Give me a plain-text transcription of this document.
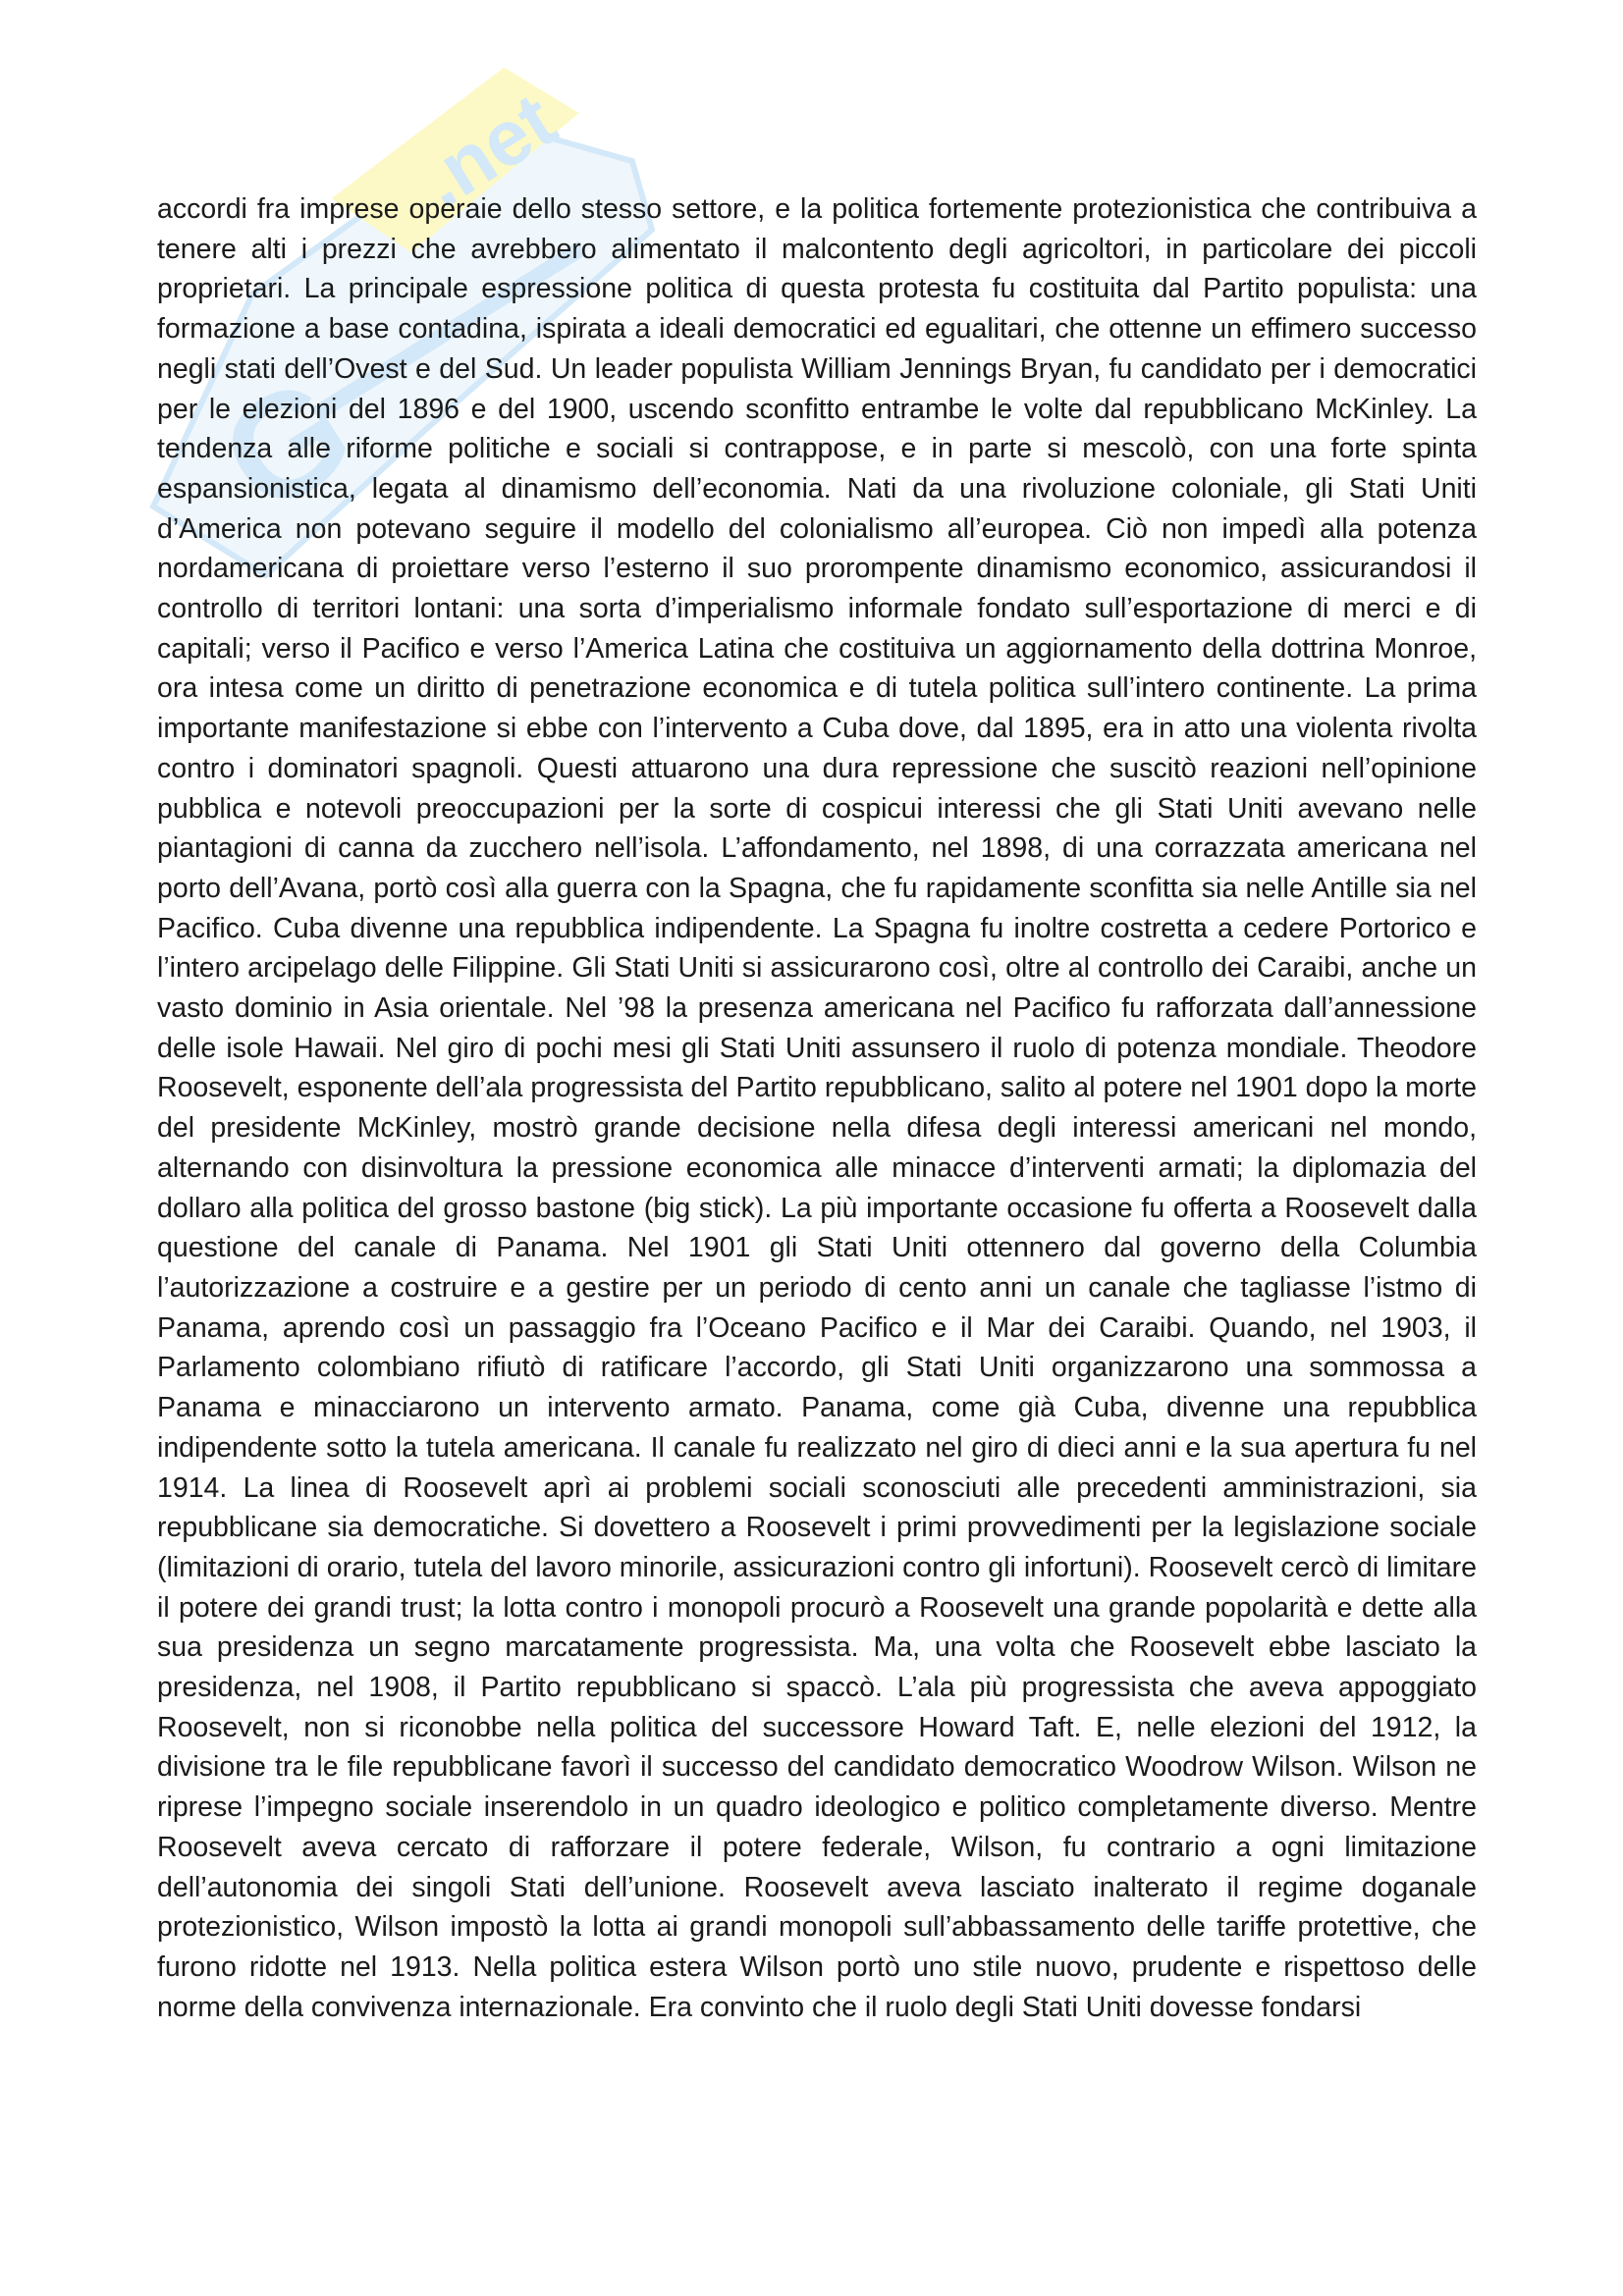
.net
G

accordi fra imprese operaie dello stesso settore, e la politica fortemente protezionistica che contribuiva a tenere alti i prezzi che avrebbero alimentato il malcontento degli agricoltori, in particolare dei piccoli proprietari. La principale espressione politica di questa protesta fu costituita dal Partito populista: una formazione a base contadina, ispirata a ideali democratici ed egualitari, che ottenne un effimero successo negli stati dell’Ovest e del Sud. Un leader populista William Jennings Bryan, fu candidato per i democratici per le elezioni del 1896 e del 1900, uscendo sconfitto entrambe le volte dal repubblicano McKinley. La tendenza alle riforme politiche e sociali si contrappose, e in parte si mescolò, con una forte spinta espansionistica, legata al dinamismo dell’economia. Nati da una rivoluzione coloniale, gli Stati Uniti d’America non potevano seguire il modello del colonialismo all’europea. Ciò non impedì alla potenza nordamericana di proiettare verso l’esterno il suo prorompente dinamismo economico, assicurandosi il controllo di territori lontani: una sorta d’imperialismo informale fondato sull’esportazione di merci e di capitali; verso il Pacifico e verso l’America Latina che costituiva un aggiornamento della dottrina Monroe, ora intesa come un diritto di penetrazione economica e di tutela politica sull’intero continente. La prima importante manifestazione si ebbe con l’intervento a Cuba dove, dal 1895, era in atto una violenta rivolta contro i dominatori spagnoli. Questi attuarono una dura repressione che suscitò reazioni nell’opinione pubblica e notevoli preoccupazioni per la sorte di cospicui interessi che gli Stati Uniti avevano nelle piantagioni di canna da zucchero nell’isola. L’affondamento, nel 1898, di una corrazzata americana nel porto dell’Avana, portò così alla guerra con la Spagna, che fu rapidamente sconfitta sia nelle Antille sia nel Pacifico. Cuba divenne una repubblica indipendente. La Spagna fu inoltre costretta a cedere Portorico e l’intero arcipelago delle Filippine. Gli Stati Uniti si assicurarono così, oltre al controllo dei Caraibi, anche un vasto dominio in Asia orientale. Nel ’98 la presenza americana nel Pacifico fu rafforzata dall’annessione delle isole Hawaii. Nel giro di pochi mesi gli Stati Uniti assunsero il ruolo di potenza mondiale. Theodore Roosevelt, esponente dell’ala progressista del Partito repubblicano, salito al potere nel 1901 dopo la morte del presidente McKinley, mostrò grande decisione nella difesa degli interessi americani nel mondo, alternando con disinvoltura la pressione economica alle minacce d’interventi armati; la diplomazia del dollaro alla politica del grosso bastone (big stick). La più importante occasione fu offerta a Roosevelt dalla questione del canale di Panama. Nel 1901 gli Stati Uniti ottennero dal governo della Columbia l’autorizzazione a costruire e a gestire per un periodo di cento anni un canale che tagliasse l’istmo di Panama, aprendo così un passaggio fra l’Oceano Pacifico e il Mar dei Caraibi. Quando, nel 1903, il Parlamento colombiano rifiutò di ratificare l’accordo, gli Stati Uniti organizzarono una sommossa a Panama e minacciarono un intervento armato. Panama, come già Cuba, divenne una repubblica indipendente sotto la tutela americana. Il canale fu realizzato nel giro di dieci anni e la sua apertura fu nel 1914. La linea di Roosevelt aprì ai problemi sociali sconosciuti alle precedenti amministrazioni, sia repubblicane sia democratiche. Si dovettero a Roosevelt i primi provvedimenti per la legislazione sociale (limitazioni di orario, tutela del lavoro minorile, assicurazioni contro gli infortuni). Roosevelt cercò di limitare il potere dei grandi trust; la lotta contro i monopoli procurò a Roosevelt una grande popolarità e dette alla sua presidenza un segno marcatamente progressista. Ma, una volta che Roosevelt ebbe lasciato la presidenza, nel 1908, il Partito repubblicano si spaccò. L’ala più progressista che aveva appoggiato Roosevelt, non si riconobbe nella politica del successore Howard Taft. E, nelle elezioni del 1912, la divisione tra le file repubblicane favorì il successo del candidato democratico Woodrow Wilson. Wilson ne riprese l’impegno sociale inserendolo in un quadro ideologico e politico completamente diverso. Mentre Roosevelt aveva cercato di rafforzare il potere federale, Wilson, fu contrario a ogni limitazione dell’autonomia dei singoli Stati dell’unione. Roosevelt aveva lasciato inalterato il regime doganale protezionistico, Wilson impostò la lotta ai grandi monopoli sull’abbassamento delle tariffe protettive, che furono ridotte nel 1913. Nella politica estera Wilson portò uno stile nuovo, prudente e rispettoso delle norme della convivenza internazionale. Era convinto che il ruolo degli Stati Uniti dovesse fondarsi
